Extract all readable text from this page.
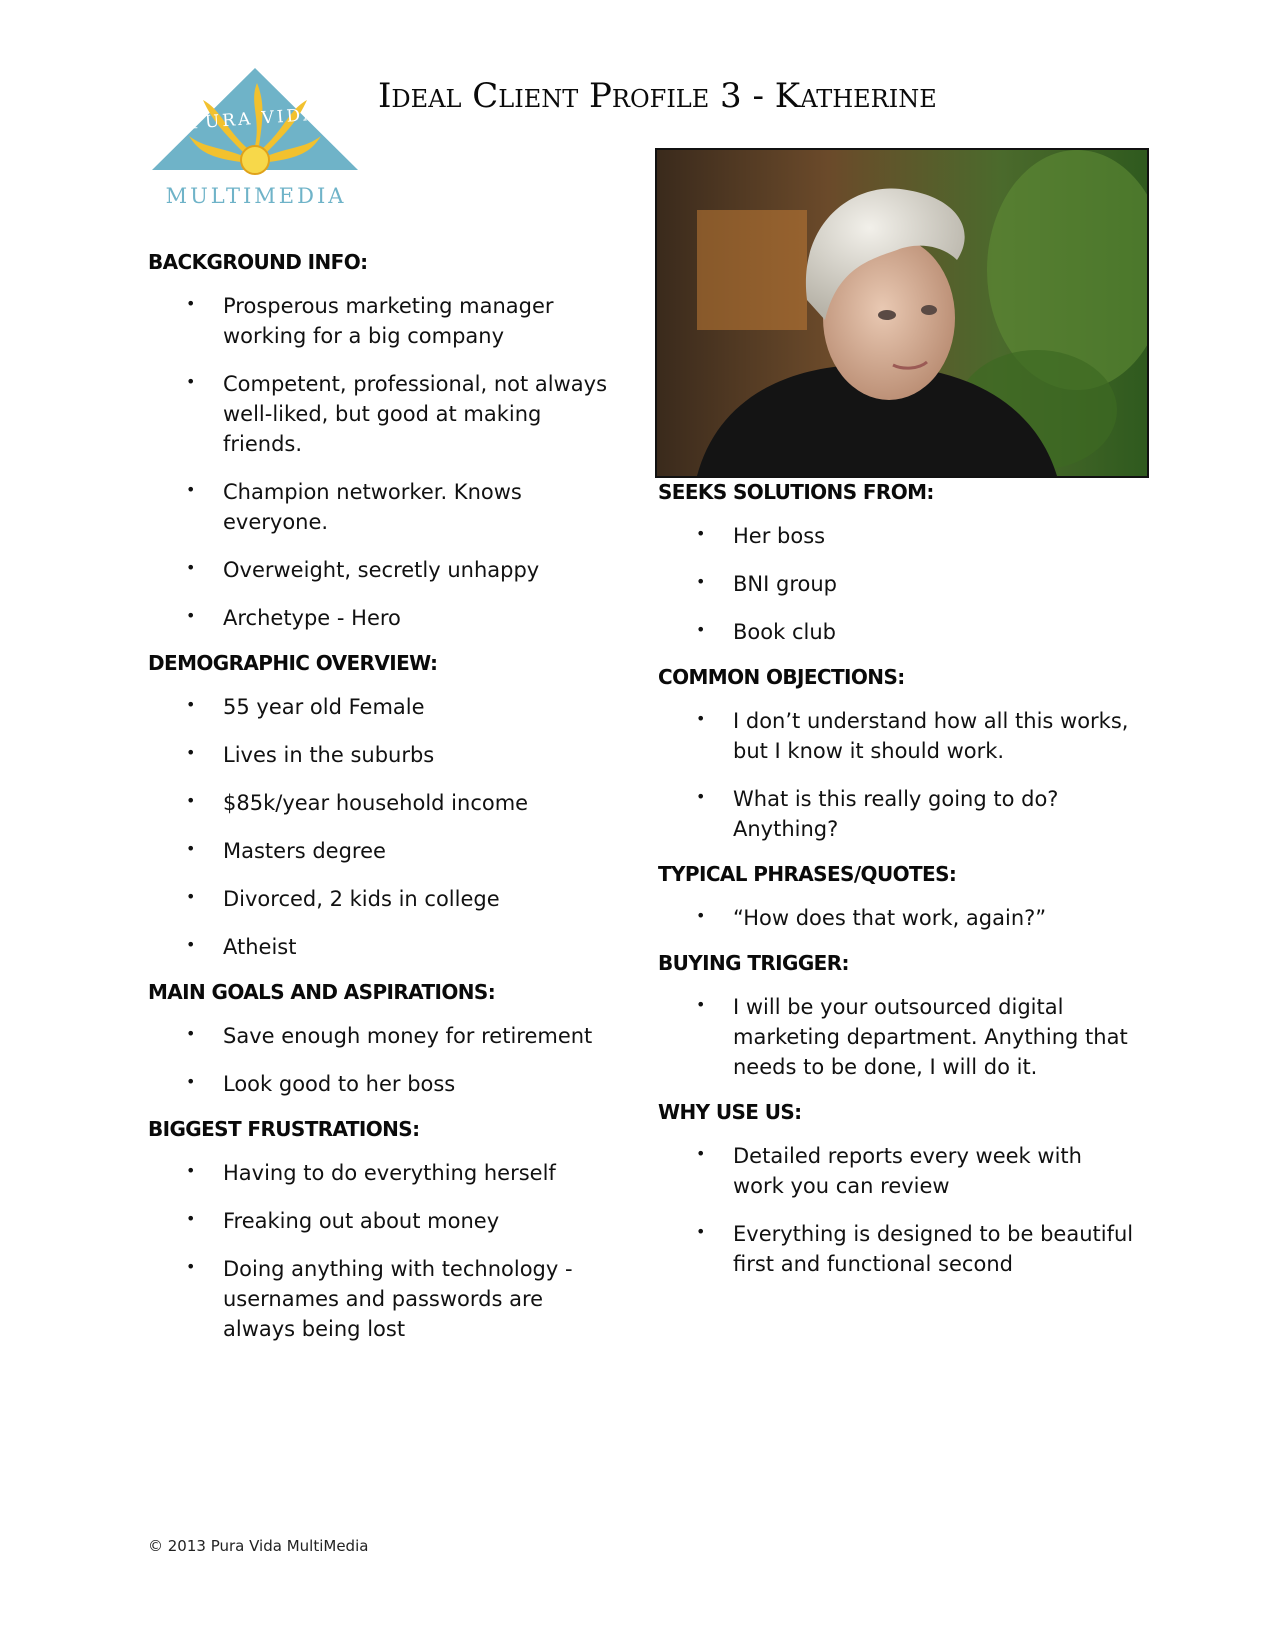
PURA VIDA
MULTIMEDIA
Ideal Client Profile 3 - Katherine
BACKGROUND INFO:
• Prosperous marketing manager working for a big company
• Competent, professional, not always well-liked, but good at making friends.
• Champion networker. Knows everyone.
• Overweight, secretly unhappy
• Archetype - Hero
DEMOGRAPHIC OVERVIEW:
• 55 year old Female
• Lives in the suburbs
• $85k/year household income
• Masters degree
• Divorced, 2 kids in college
• Atheist
MAIN GOALS AND ASPIRATIONS:
• Save enough money for retirement
• Look good to her boss
BIGGEST FRUSTRATIONS:
• Having to do everything herself
• Freaking out about money
• Doing anything with technology - usernames and passwords are always being lost
SEEKS SOLUTIONS FROM:
• Her boss
• BNI group
• Book club
COMMON OBJECTIONS:
• I don’t understand how all this works, but I know it should work.
• What is this really going to do? Anything?
TYPICAL PHRASES/QUOTES:
• “How does that work, again?”
BUYING TRIGGER:
• I will be your outsourced digital marketing department. Anything that needs to be done, I will do it.
WHY USE US:
• Detailed reports every week with work you can review
• Everything is designed to be beautiful first and functional second
© 2013 Pura Vida MultiMedia
